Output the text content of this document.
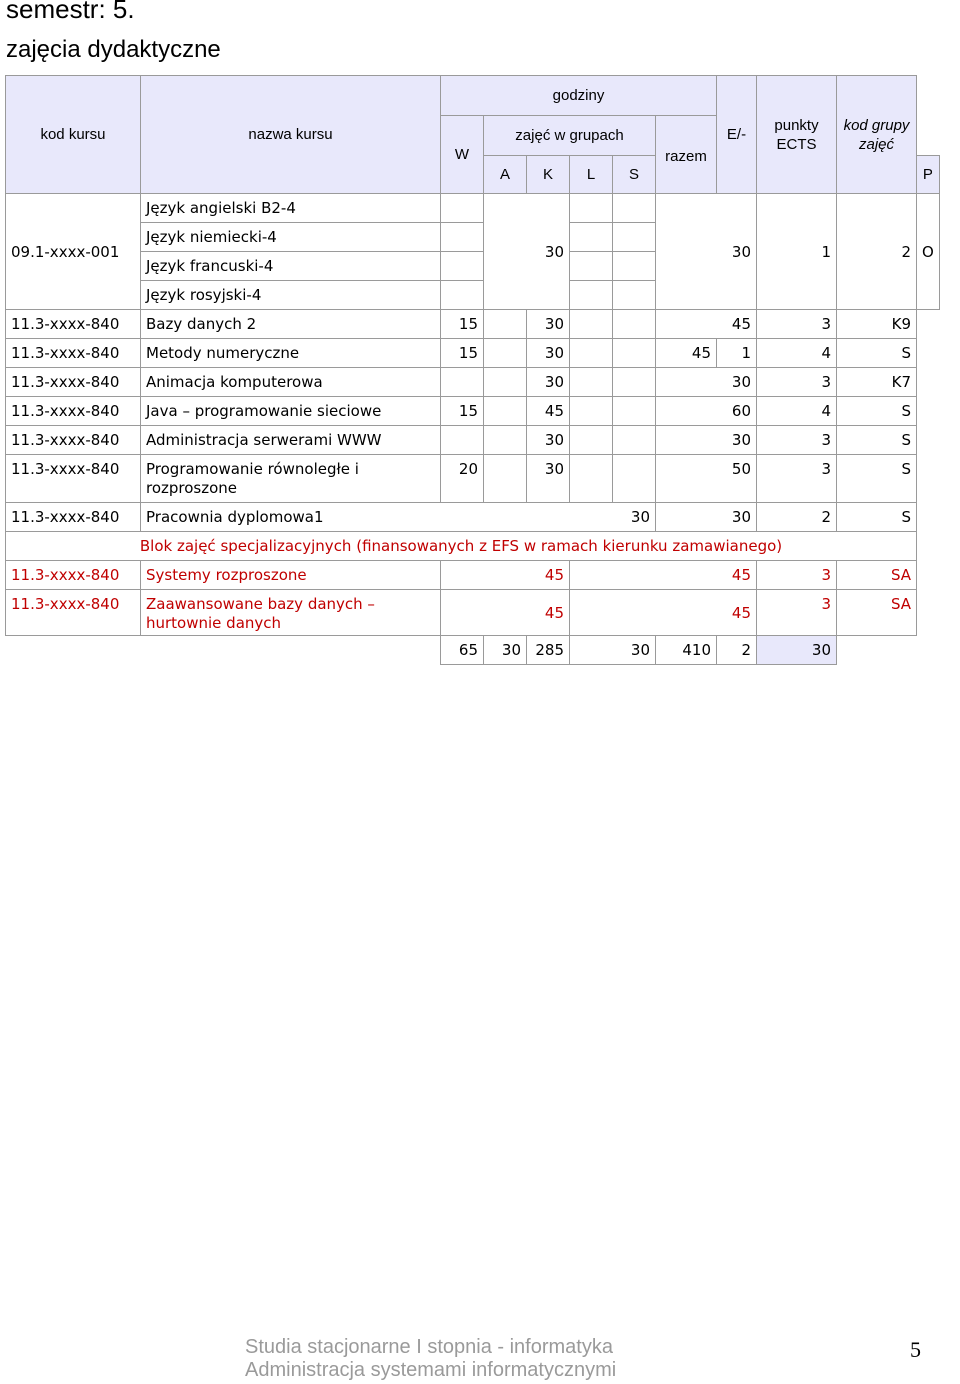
semestr: 5.
zajęcia dydaktyczne
kod kursu	nazwa kursu	godziny						E/-	punkty ECTS	kod grupy zajęć	
		W	zajęć w grupach				razem				
			A	K	L	S					P
09.1-xxxx-001	Język angielski B2-4		30				30		1	2	O
	Język niemiecki-4										
	Język francuski-4										
	Język rosyjski-4										
11.3-xxxx-840	Bazy danych 2	15		30			45		3	K9	
11.3-xxxx-840	Metody numeryczne	15		30			45	1	4	S	
11.3-xxxx-840	Animacja komputerowa			30			30		3	K7	
11.3-xxxx-840	Java – programowanie sieciowe	15		45			60		4	S	
11.3-xxxx-840	Administracja serwerami WWW			30			30		3	S	
11.3-xxxx-840	Programowanie równoległe i rozproszone	20		30			50		3	S	
11.3-xxxx-840	Pracownia dyplomowa1					30	30		2	S	
Blok zajęć specjalizacyjnych (finansowanych z EFS w ramach kierunku zamawianego)											
11.3-xxxx-840	Systemy rozproszone			45			45		3	SA	
11.3-xxxx-840	Zaawansowane bazy danych – hurtownie danych			45			45		3	SA	
		65	30	285	30		410	2	30		
Studia stacjonarne I stopnia - informatyka
Administracja systemami informatycznymi
5
